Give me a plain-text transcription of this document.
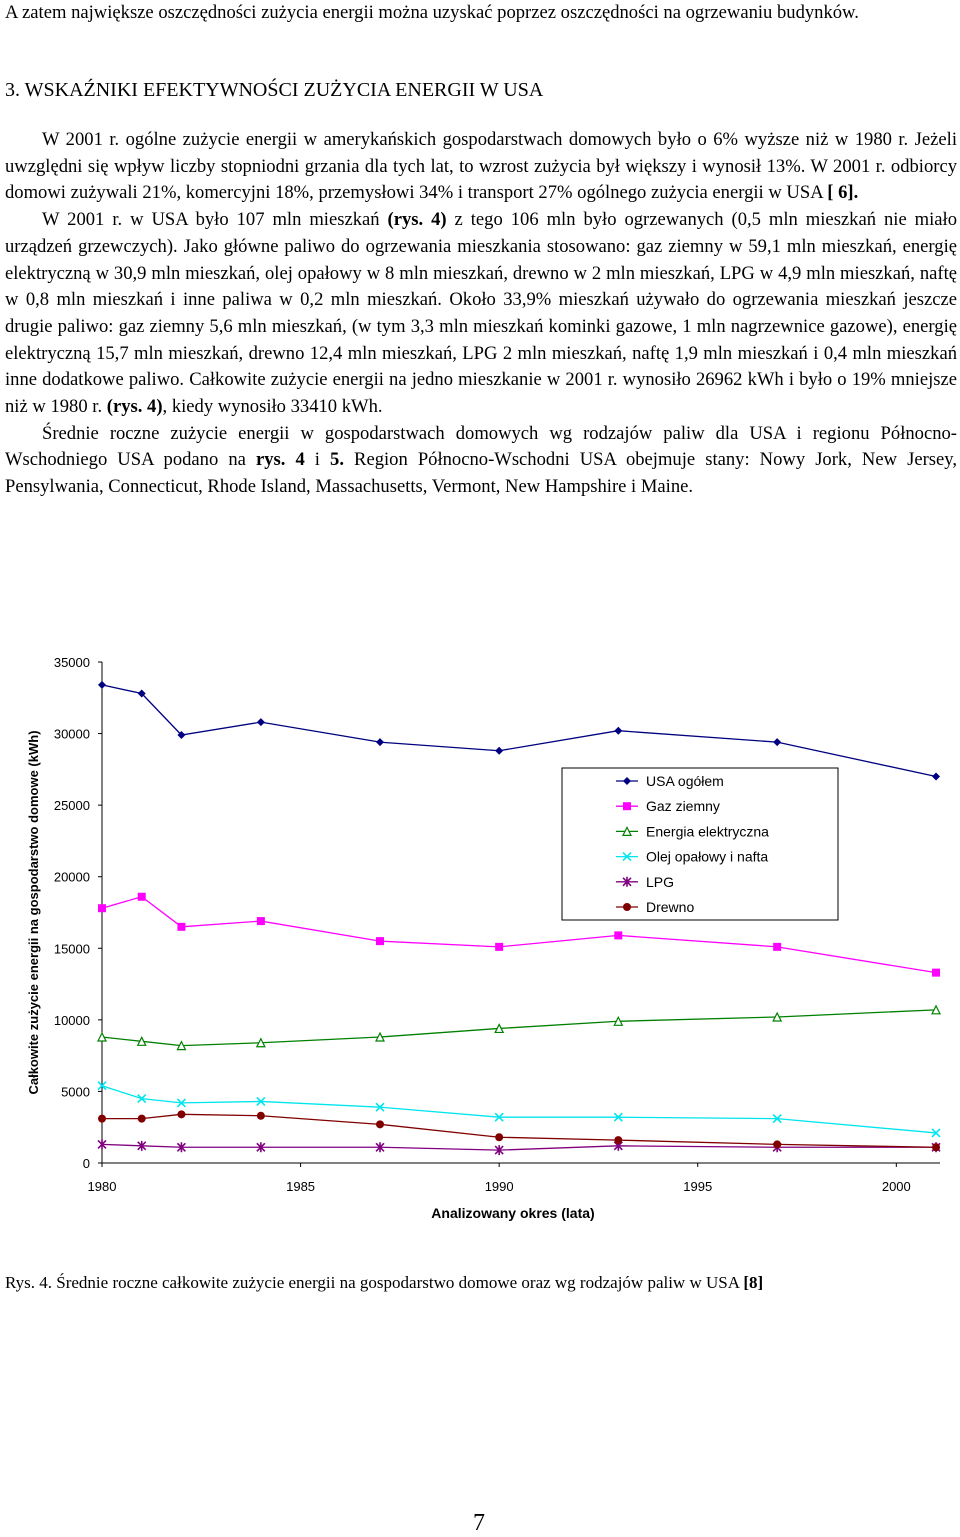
A zatem największe oszczędności zużycia energii można uzyskać poprzez oszczędności na ogrzewaniu budynków.

3. WSKAŹNIKI EFEKTYWNOŚCI ZUŻYCIA ENERGII W USA

W 2001 r. ogólne zużycie energii w amerykańskich gospodarstwach domowych było o 6% wyższe niż w 1980 r. Jeżeli uwzględni się wpływ liczby stopniodni grzania dla tych lat, to wzrost zużycia był większy i wynosił 13%. W 2001 r. odbiorcy domowi zużywali 21%, komercyjni 18%, przemysłowi 34% i transport 27% ogólnego zużycia energii w USA [ 6].

W 2001 r. w USA było 107 mln mieszkań (rys. 4) z tego 106 mln było ogrzewanych (0,5 mln mieszkań nie miało urządzeń grzewczych). Jako główne paliwo do ogrzewania mieszkania stosowano: gaz ziemny w 59,1 mln mieszkań, energię elektryczną w 30,9 mln mieszkań, olej opałowy w 8 mln mieszkań, drewno w 2 mln mieszkań, LPG w 4,9 mln mieszkań, naftę w 0,8 mln mieszkań i inne paliwa w 0,2 mln mieszkań. Około 33,9% mieszkań używało do ogrzewania mieszkań jeszcze drugie paliwo: gaz ziemny 5,6 mln mieszkań, (w tym 3,3 mln mieszkań kominki gazowe, 1 mln nagrzewnice gazowe), energię elektryczną 15,7 mln mieszkań, drewno 12,4 mln mieszkań, LPG 2 mln mieszkań, naftę 1,9 mln mieszkań i 0,4 mln mieszkań inne dodatkowe paliwo. Całkowite zużycie energii na jedno mieszkanie w 2001 r. wynosiło 26962 kWh i było o 19% mniejsze niż w 1980 r. (rys. 4), kiedy wynosiło 33410 kWh.

Średnie roczne zużycie energii w gospodarstwach domowych wg rodzajów paliw dla USA i regionu Północno-Wschodniego USA podano na rys. 4 i 5. Region Północno-Wschodni USA obejmuje stany: Nowy Jork, New Jersey, Pensylwania, Connecticut, Rhode Island, Massachusetts, Vermont, New Hampshire i Maine.

0
5000
10000
15000
20000
25000
30000
35000
1980	1985	1990	1995	2000
USA ogółem
Gaz ziemny
Energia elektryczna
Olej opałowy i nafta
LPG
Drewno
Całkowite zużycie energii na gospodarstwo domowe (kWh)
Analizowany okres (lata)
Rys. 4. Średnie roczne całkowite zużycie energii na gospodarstwo domowe oraz wg rodzajów paliw w USA [8]
7
